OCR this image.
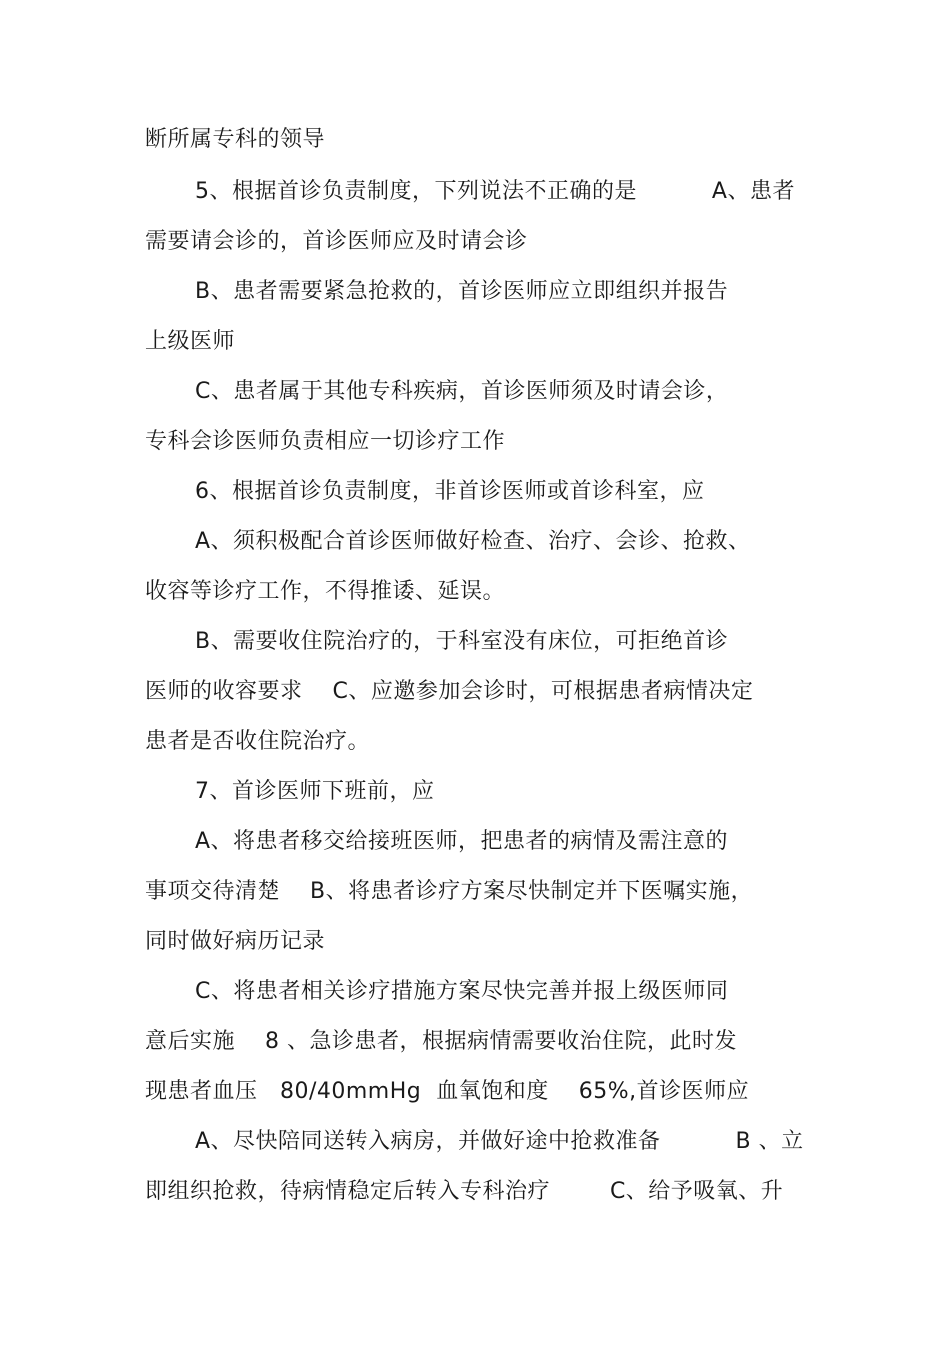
断所属专科的领导
5、根据首诊负责制度，下列说法不正确的是          A、患者
需要请会诊的，首诊医师应及时请会诊
B、患者需要紧急抢救的，首诊医师应立即组织并报告
上级医师
C、患者属于其他专科疾病，首诊医师须及时请会诊，
专科会诊医师负责相应一切诊疗工作
6、根据首诊负责制度，非首诊医师或首诊科室，应
A、须积极配合首诊医师做好检查、治疗、会诊、抢救、
收容等诊疗工作，不得推诿、延误。
B、需要收住院治疗的，于科室没有床位，可拒绝首诊
医师的收容要求    C、应邀参加会诊时，可根据患者病情决定
患者是否收住院治疗。
7、首诊医师下班前，应
A、将患者移交给接班医师，把患者的病情及需注意的
事项交待清楚    B、将患者诊疗方案尽快制定并下医嘱实施，
同时做好病历记录
C、将患者相关诊疗措施方案尽快完善并报上级医师同
意后实施    8 、急诊患者，根据病情需要收治住院，此时发
现患者血压   80/40mmHg  血氧饱和度    65%,首诊医师应
A、尽快陪同送转入病房，并做好途中抢救准备          B 、立
即组织抢救，待病情稳定后转入专科治疗        C、给予吸氧、升
